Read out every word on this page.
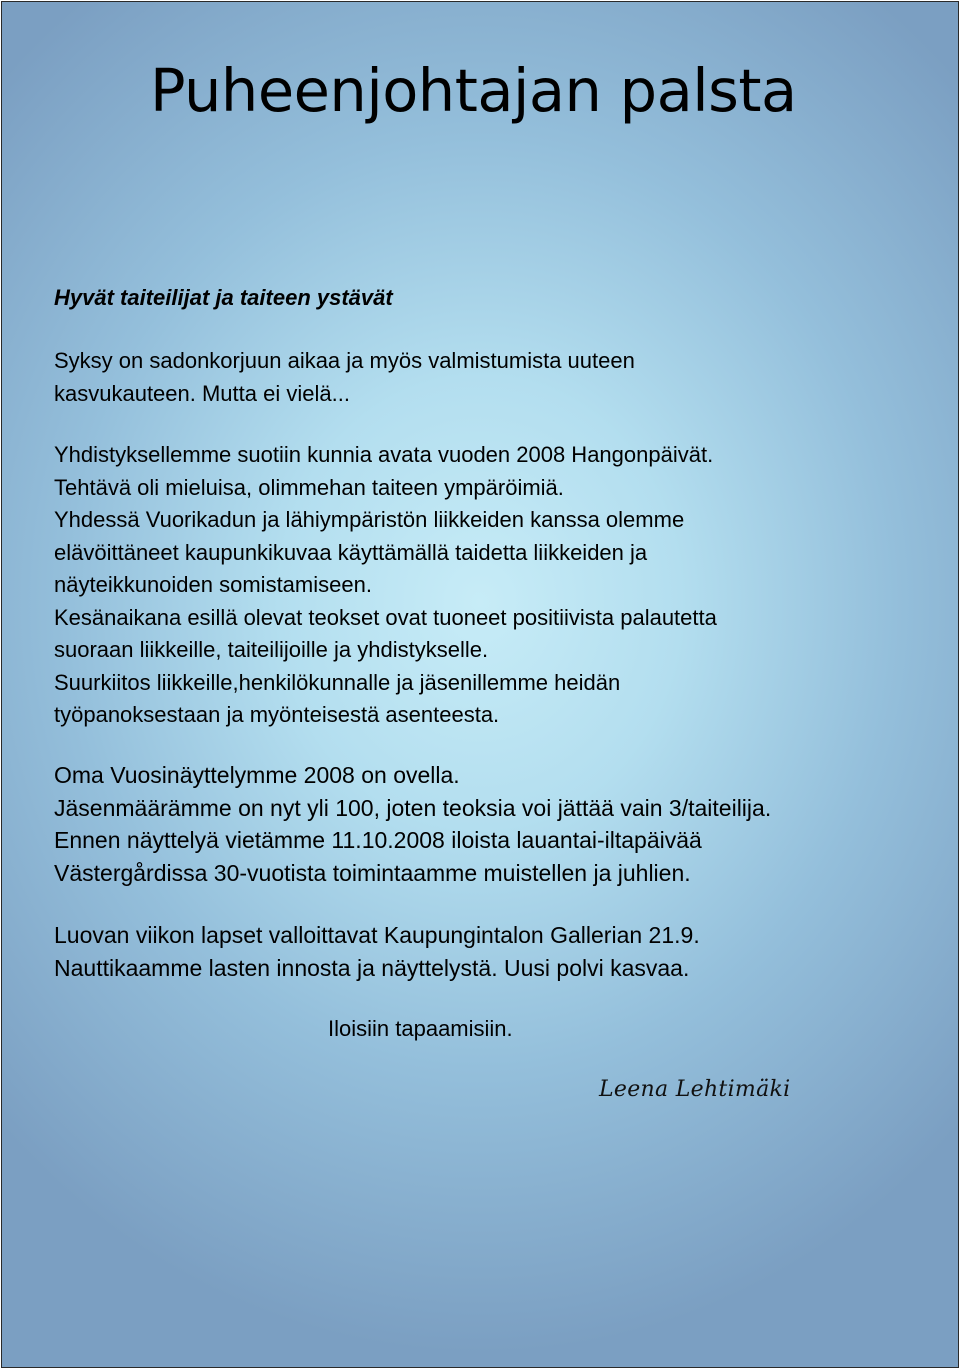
Puheenjohtajan palsta

Hyvät taiteilijat ja taiteen ystävät

Syksy on sadonkorjuun aikaa ja myös valmistumista uuteen
kasvukauteen. Mutta ei vielä...

Yhdistyksellemme suotiin kunnia avata vuoden 2008 Hangonpäivät.
Tehtävä oli mieluisa, olimmehan taiteen ympäröimiä.
Yhdessä Vuorikadun ja lähiympäristön liikkeiden kanssa olemme
elävöittäneet kaupunkikuvaa käyttämällä taidetta liikkeiden ja
näyteikkunoiden somistamiseen.
Kesänaikana esillä olevat teokset ovat tuoneet positiivista palautetta
suoraan liikkeille, taiteilijoille ja yhdistykselle.
Suurkiitos liikkeille,henkilökunnalle ja jäsenillemme heidän
työpanoksestaan ja myönteisestä asenteesta.

Oma Vuosinäyttelymme 2008 on ovella.
Jäsenmäärämme on nyt yli 100, joten teoksia voi jättää vain 3/taiteilija.
Ennen näyttelyä vietämme 11.10.2008 iloista lauantai-iltapäivää
Västergårdissa 30-vuotista toimintaamme muistellen ja juhlien.

Luovan viikon lapset valloittavat Kaupungintalon Gallerian 21.9.
Nauttikaamme lasten innosta ja näyttelystä. Uusi polvi kasvaa.

Iloisiin tapaamisiin.

Leena Lehtimäki
